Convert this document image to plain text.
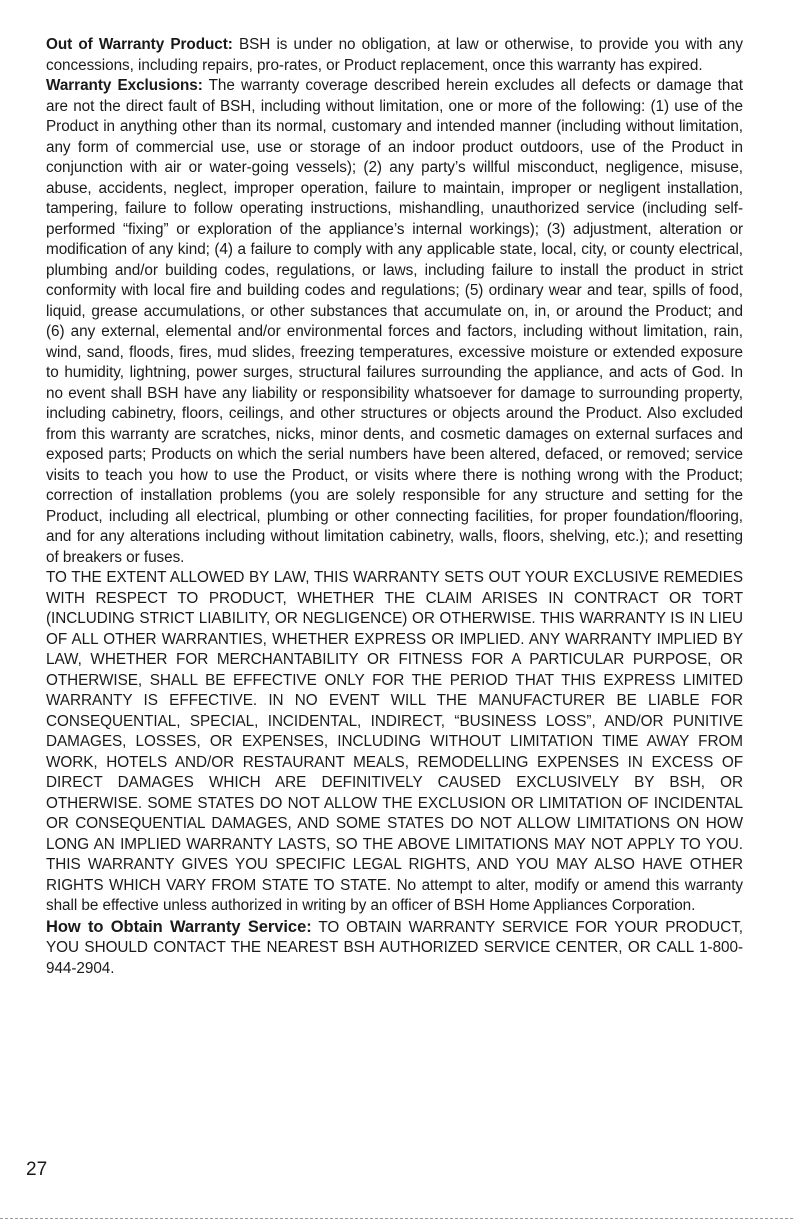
Out of Warranty Product: BSH is under no obligation, at law or otherwise, to provide you with any concessions, including repairs, pro-rates, or Product replacement, once this warranty has expired.

Warranty Exclusions: The warranty coverage described herein excludes all defects or damage that are not the direct fault of BSH, including without limitation, one or more of the following: (1) use of the Product in anything other than its normal, customary and intended manner (including without limitation, any form of commercial use, use or storage of an indoor product outdoors, use of the Product in conjunction with air or water-going vessels); (2) any party’s willful misconduct, negligence, misuse, abuse, accidents, neglect, improper operation, failure to maintain, improper or negligent installation, tampering, failure to follow operating instructions, mishandling, unauthorized service (including self-performed “fixing” or exploration of the appliance’s internal workings); (3) adjustment, alteration or modification of any kind; (4) a failure to comply with any applicable state, local, city, or county electrical, plumbing and/or building codes, regulations, or laws, including failure to install the product in strict conformity with local fire and building codes and regulations; (5) ordinary wear and tear, spills of food, liquid, grease accumulations, or other substances that accumulate on, in, or around the Product; and (6) any external, elemental and/or environmental forces and factors, including without limitation, rain, wind, sand, floods, fires, mud slides, freezing temperatures, excessive moisture or extended exposure to humidity, lightning, power surges, structural failures surrounding the appliance, and acts of God. In no event shall BSH have any liability or responsibility whatsoever for damage to surrounding property, including cabinetry, floors, ceilings, and other structures or objects around the Product. Also excluded from this warranty are scratches, nicks, minor dents, and cosmetic damages on external surfaces and exposed parts; Products on which the serial numbers have been altered, defaced, or removed; service visits to teach you how to use the Product, or visits where there is nothing wrong with the Product; correction of installation problems (you are solely responsible for any structure and setting for the Product, including all electrical, plumbing or other connecting facilities, for proper foundation/flooring, and for any alterations including without limitation cabinetry, walls, floors, shelving, etc.); and resetting of breakers or fuses.

TO THE EXTENT ALLOWED BY LAW, THIS WARRANTY SETS OUT YOUR EXCLUSIVE REMEDIES WITH RESPECT TO PRODUCT, WHETHER THE CLAIM ARISES IN CONTRACT OR TORT (INCLUDING STRICT LIABILITY, OR NEGLIGENCE) OR OTHERWISE. THIS WARRANTY IS IN LIEU OF ALL OTHER WARRANTIES, WHETHER EXPRESS OR IMPLIED. ANY WARRANTY IMPLIED BY LAW, WHETHER FOR MERCHANTABILITY OR FITNESS FOR A PARTICULAR PURPOSE, OR OTHERWISE, SHALL BE EFFECTIVE ONLY FOR THE PERIOD THAT THIS EXPRESS LIMITED WARRANTY IS EFFECTIVE. IN NO EVENT WILL THE MANUFACTURER BE LIABLE FOR CONSEQUENTIAL, SPECIAL, INCIDENTAL, INDIRECT, “BUSINESS LOSS”, AND/OR PUNITIVE DAMAGES, LOSSES, OR EXPENSES, INCLUDING WITHOUT LIMITATION TIME AWAY FROM WORK, HOTELS AND/OR RESTAURANT MEALS, REMODELLING EXPENSES IN EXCESS OF DIRECT DAMAGES WHICH ARE DEFINITIVELY CAUSED EXCLUSIVELY BY BSH, OR OTHERWISE. SOME STATES DO NOT ALLOW THE EXCLUSION OR LIMITATION OF INCIDENTAL OR CONSEQUENTIAL DAMAGES, AND SOME STATES DO NOT ALLOW LIMITATIONS ON HOW LONG AN IMPLIED WARRANTY LASTS, SO THE ABOVE LIMITATIONS MAY NOT APPLY TO YOU. THIS WARRANTY GIVES YOU SPECIFIC LEGAL RIGHTS, AND YOU MAY ALSO HAVE OTHER RIGHTS WHICH VARY FROM STATE TO STATE. No attempt to alter, modify or amend this warranty shall be effective unless authorized in writing by an officer of BSH Home Appliances Corporation.

How to Obtain Warranty Service: TO OBTAIN WARRANTY SERVICE FOR YOUR PRODUCT, YOU SHOULD CONTACT THE NEAREST BSH AUTHORIZED SERVICE CENTER, OR CALL 1-800-944-2904.

27
